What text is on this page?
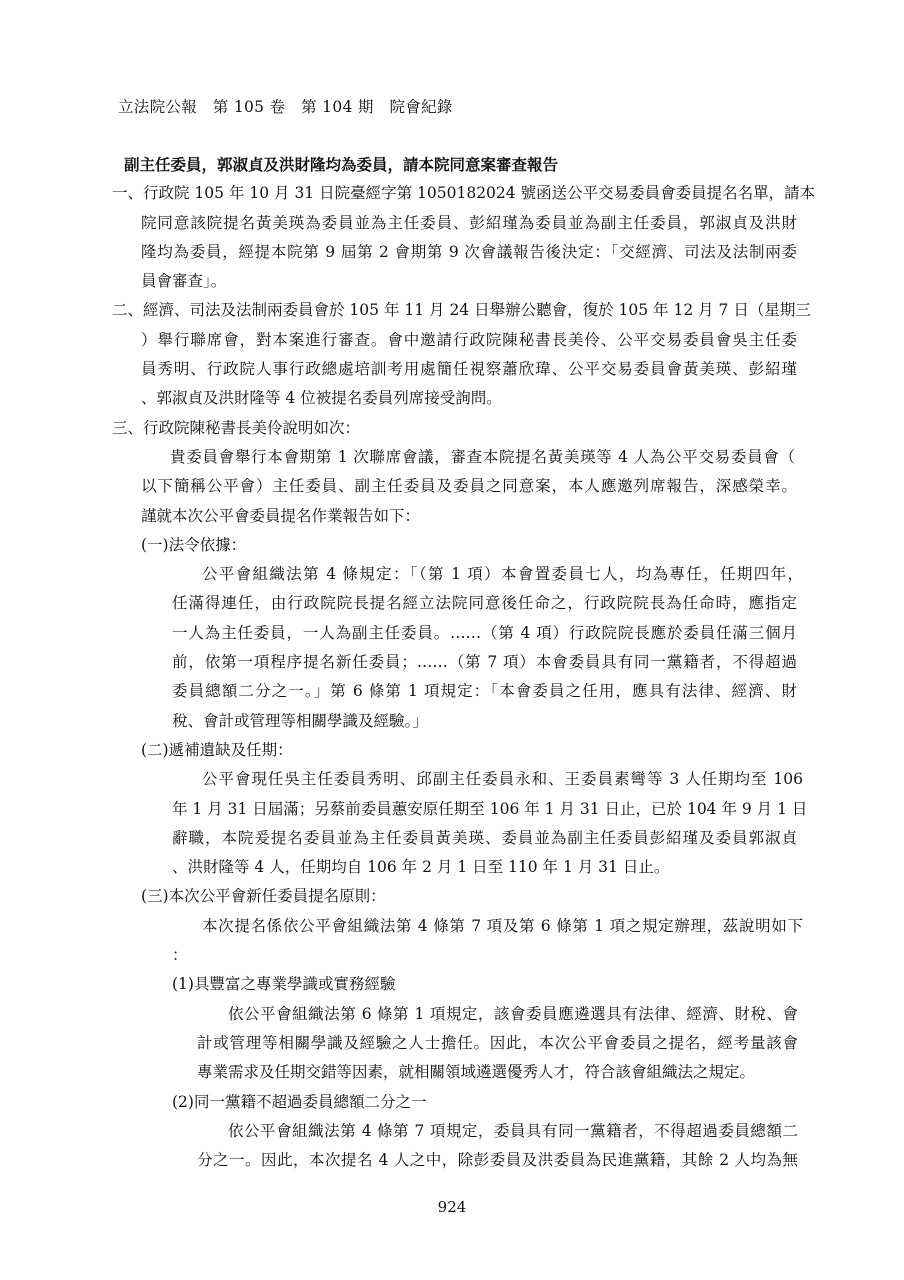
立法院公報　第 105 卷　第 104 期　院會紀錄
副主任委員，郭淑貞及洪財隆均為委員，請本院同意案審查報告
一、行政院 105 年 10 月 31 日院臺經字第 1050182024 號函送公平交易委員會委員提名名單，請本
院同意該院提名黃美瑛為委員並為主任委員、彭紹瑾為委員並為副主任委員，郭淑貞及洪財
隆均為委員，經提本院第 9 屆第 2 會期第 9 次會議報告後決定：「交經濟、司法及法制兩委
員會審查」。
二、經濟、司法及法制兩委員會於 105 年 11 月 24 日舉辦公聽會，復於 105 年 12 月 7 日（星期三
）舉行聯席會，對本案進行審查。會中邀請行政院陳秘書長美伶、公平交易委員會吳主任委
員秀明、行政院人事行政總處培訓考用處簡任視察蕭欣瑋、公平交易委員會黃美瑛、彭紹瑾
、郭淑貞及洪財隆等 4 位被提名委員列席接受詢問。
三、行政院陳秘書長美伶說明如次：
貴委員會舉行本會期第 1 次聯席會議，審查本院提名黃美瑛等 4 人為公平交易委員會（
以下簡稱公平會）主任委員、副主任委員及委員之同意案，本人應邀列席報告，深感榮幸。
謹就本次公平會委員提名作業報告如下：
(一)法令依據：
公平會組織法第 4 條規定：「（第 1 項）本會置委員七人，均為專任，任期四年，
任滿得連任，由行政院院長提名經立法院同意後任命之，行政院院長為任命時，應指定
一人為主任委員，一人為副主任委員。……（第 4 項）行政院院長應於委員任滿三個月
前，依第一項程序提名新任委員；……（第 7 項）本會委員具有同一黨籍者，不得超過
委員總額二分之一。」第 6 條第 1 項規定：「本會委員之任用，應具有法律、經濟、財
稅、會計或管理等相關學識及經驗。」
(二)遞補遺缺及任期：
公平會現任吳主任委員秀明、邱副主任委員永和、王委員素彎等 3 人任期均至 106
年 1 月 31 日屆滿；另蔡前委員蕙安原任期至 106 年 1 月 31 日止，已於 104 年 9 月 1 日
辭職，本院爰提名委員並為主任委員黃美瑛、委員並為副主任委員彭紹瑾及委員郭淑貞
、洪財隆等 4 人，任期均自 106 年 2 月 1 日至 110 年 1 月 31 日止。
(三)本次公平會新任委員提名原則：
本次提名係依公平會組織法第 4 條第 7 項及第 6 條第 1 項之規定辦理，茲說明如下
：
(1)具豐富之專業學識或實務經驗
依公平會組織法第 6 條第 1 項規定，該會委員應遴選具有法律、經濟、財稅、會
計或管理等相關學識及經驗之人士擔任。因此，本次公平會委員之提名，經考量該會
專業需求及任期交錯等因素，就相關領域遴選優秀人才，符合該會組織法之規定。
(2)同一黨籍不超過委員總額二分之一
依公平會組織法第 4 條第 7 項規定，委員具有同一黨籍者，不得超過委員總額二
分之一。因此，本次提名 4 人之中，除彭委員及洪委員為民進黨籍，其餘 2 人均為無
924
